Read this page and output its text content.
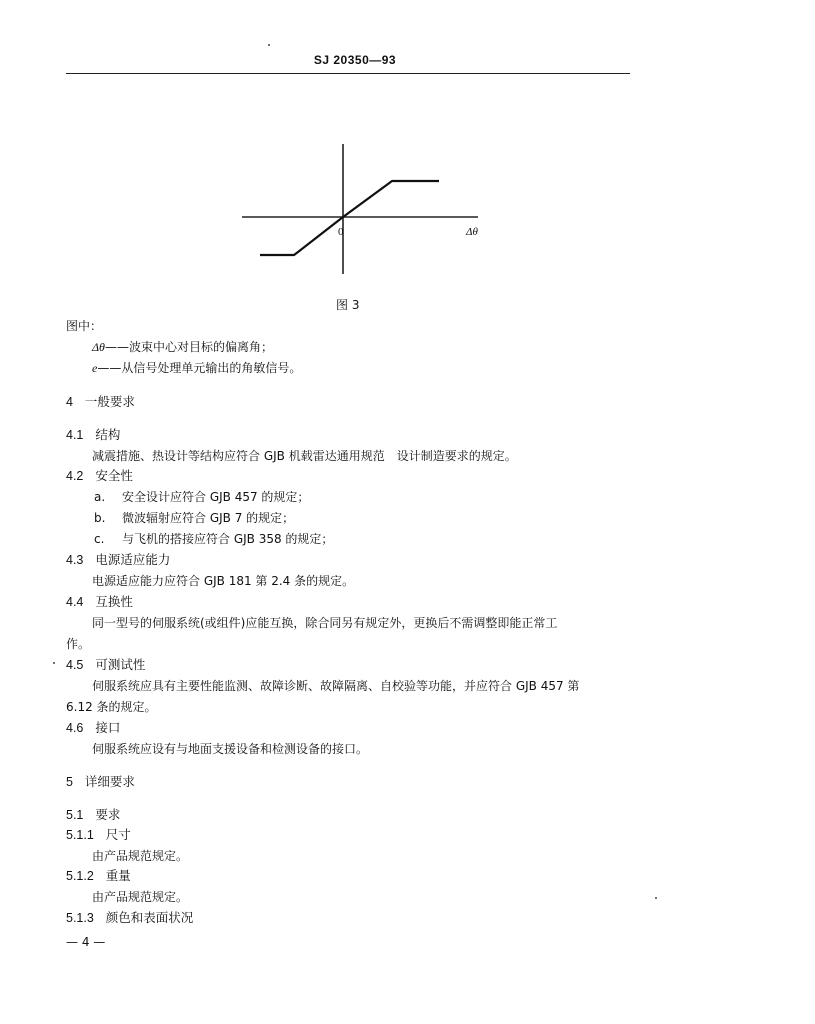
SJ 20350—93
0	Δθ
图 3
图中：
Δθ——波束中心对目标的偏离角；
e——从信号处理单元输出的角敏信号。
4 一般要求
4.1 结构
减震措施、热设计等结构应符合 GJB 机载雷达通用规范　设计制造要求的规定。
4.2 安全性
a. 安全设计应符合 GJB 457 的规定；
b. 微波辐射应符合 GJB 7 的规定；
c. 与飞机的搭接应符合 GJB 358 的规定；
4.3 电源适应能力
电源适应能力应符合 GJB 181 第 2.4 条的规定。
4.4 互换性
同一型号的伺服系统(或组件)应能互换，除合同另有规定外，更换后不需调整即能正常工
作。
4.5 可测试性
伺服系统应具有主要性能监测、故障诊断、故障隔离、自校验等功能，并应符合 GJB 457 第
6.12 条的规定。
4.6 接口
伺服系统应设有与地面支援设备和检测设备的接口。
5 详细要求
5.1 要求
5.1.1 尺寸
由产品规范规定。
5.1.2 重量
由产品规范规定。
5.1.3 颜色和表面状况
— 4 —
